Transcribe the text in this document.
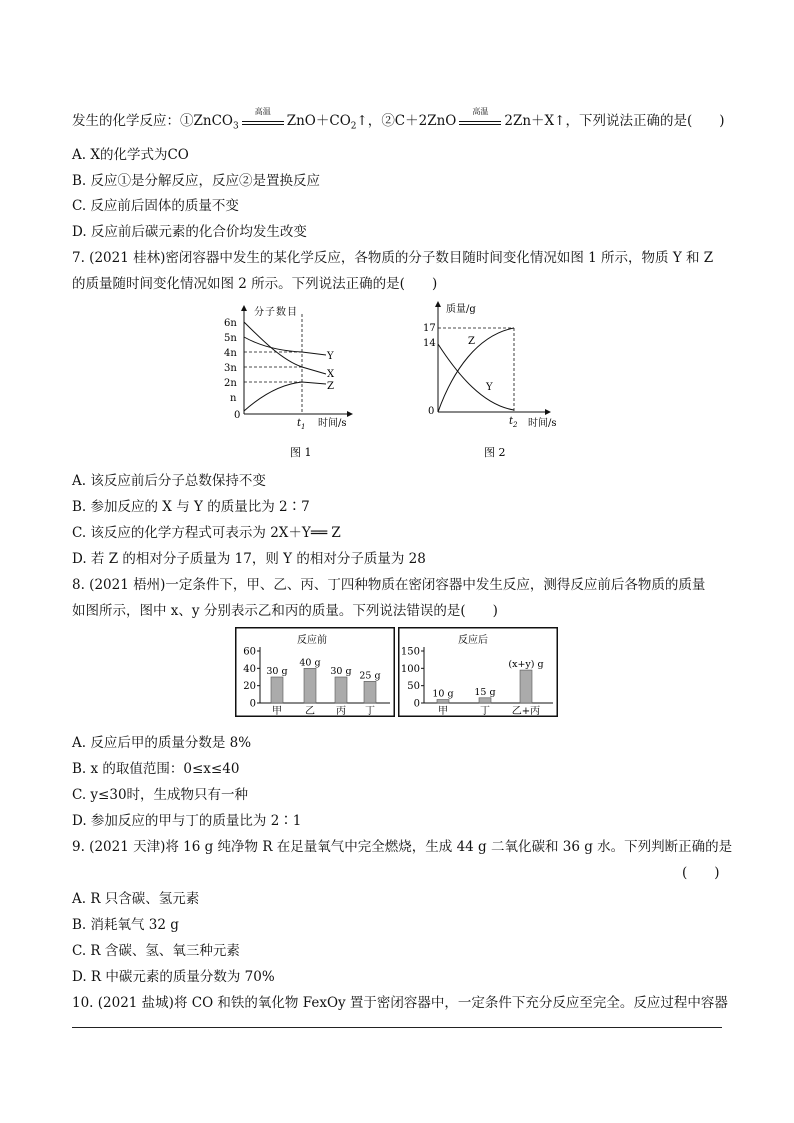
发生的化学反应：①ZnCO$_3$
高温
$ZnO+CO_2↑$，②C＋2ZnO
高温
2Zn＋X↑，下列说法正确的是(　　)
A. X的化学式为CO
B. 反应①是分解反应，反应②是置换反应
C. 反应前后固体的质量不变
D. 反应前后碳元素的化合价均发生改变
7. (2021 桂林)密闭容器中发生的某化学反应，各物质的分子数目随时间变化情况如图 1 所示，物质 Y 和 Z
的质量随时间变化情况如图 2 所示。下列说法正确的是(　　)
分子数目
6n
5n
4n
3n
2n
n
0
Y
X
Z
$t_1$ 时间/s
图 1
质量/g
17
14
0
Z
Y
$t_2$ 时间/s
图 2
A. 该反应前后分子总数保持不变
B. 参加反应的 X 与 Y 的质量比为 2∶7
C. 该反应的化学方程式可表示为 2X＋Y══ Z
D. 若 Z 的相对分子质量为 17，则 Y 的相对分子质量为 28
8. (2021 梧州)一定条件下，甲、乙、丙、丁四种物质在密闭容器中发生反应，测得反应前后各物质的质量
如图所示，图中 x、y 分别表示乙和丙的质量。下列说法错误的是(　　)
反应前
60
40
20
0
30 g
甲
40 g
乙
30 g
丙
25 g
丁
反应后
150
100
50
0
10 g
甲
15 g
丁
(x+y) g
乙+丙
A. 反应后甲的质量分数是 8%
B. x 的取值范围：0≤x≤40
C. y≤30时，生成物只有一种
D. 参加反应的甲与丁的质量比为 2∶1
9. (2021 天津)将 16 g 纯净物 R 在足量氧气中完全燃烧，生成 44 g 二氧化碳和 36 g 水。下列判断正确的是
(　　)
A. R 只含碳、氢元素
B. 消耗氧气 32 g
C. R 含碳、氢、氧三种元素
D. R 中碳元素的质量分数为 70%
10. (2021 盐城)将 CO 和铁的氧化物 FexOy 置于密闭容器中，一定条件下充分反应至完全。反应过程中容器
